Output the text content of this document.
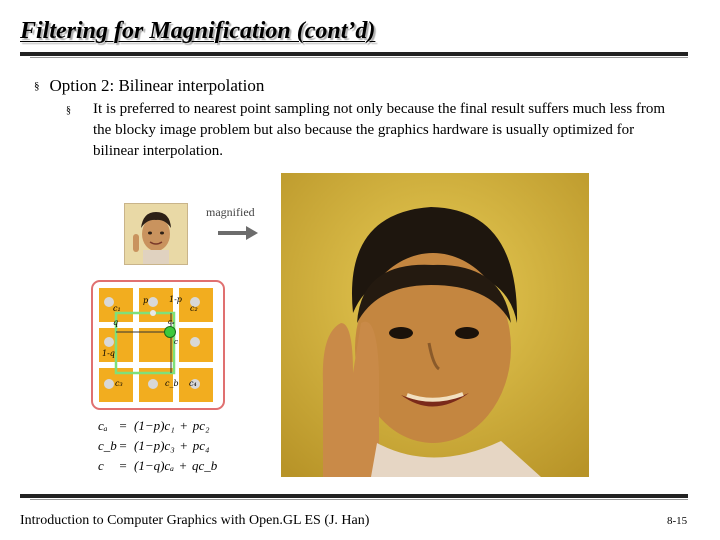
Filtering for Magnification (cont’d)
§ Option 2: Bilinear interpolation
§ It is preferred to nearest point sampling not only because the final result suffers much less from the blocky image problem but also because the graphics hardware is usually optimized for bilinear interpolation.
magnified
c₁
p	1-p
c₂
cₐ
q
c
1-q
c₃	c_b c₄
cₐ = (1−p)c₁ + pc₂
c_b = (1−p)c₃ + pc₄
c = (1−q)cₐ + qc_b
Introduction to Computer Graphics with Open.GL ES (J. Han)	8-15
